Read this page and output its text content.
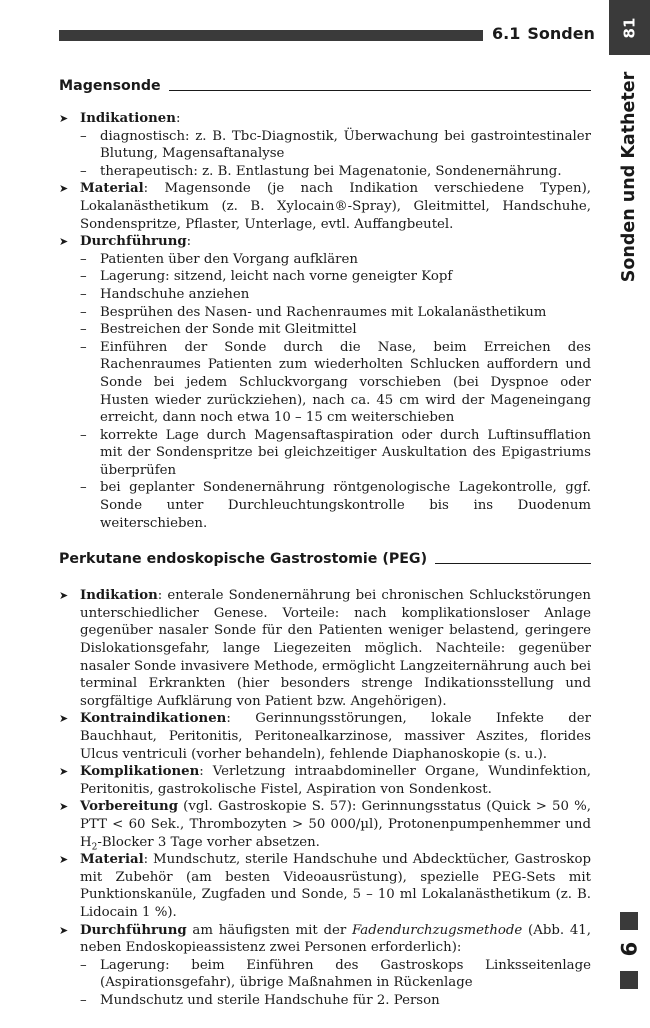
6.1 Sonden 81
Sonden und Katheter
6
Magensonde
➤ Indikationen:
– diagnostisch: z. B. Tbc-Diagnostik, Überwachung bei gastrointestinaler Blutung, Magensaftanalyse
– therapeutisch: z. B. Entlastung bei Magenatonie, Sondenernährung.
➤ Material: Magensonde (je nach Indikation verschiedene Typen), Lokalanästhetikum (z. B. Xylocain®-Spray), Gleitmittel, Handschuhe, Sondenspritze, Pflaster, Unterlage, evtl. Auffangbeutel.
➤ Durchführung:
– Patienten über den Vorgang aufklären
– Lagerung: sitzend, leicht nach vorne geneigter Kopf
– Handschuhe anziehen
– Besprühen des Nasen- und Rachenraumes mit Lokalanästhetikum
– Bestreichen der Sonde mit Gleitmittel
– Einführen der Sonde durch die Nase, beim Erreichen des Rachenraumes Patienten zum wiederholten Schlucken auffordern und Sonde bei jedem Schluckvorgang vorschieben (bei Dyspnoe oder Husten wieder zurückziehen), nach ca. 45 cm wird der Mageneingang erreicht, dann noch etwa 10 – 15 cm weiterschieben
– korrekte Lage durch Magensaftaspiration oder durch Luftinsufflation mit der Sondenspritze bei gleichzeitiger Auskultation des Epigastriums überprüfen
– bei geplanter Sondenernährung röntgenologische Lagekontrolle, ggf. Sonde unter Durchleuchtungskontrolle bis ins Duodenum weiterschieben.
Perkutane endoskopische Gastrostomie (PEG)
➤ Indikation: enterale Sondenernährung bei chronischen Schluckstörungen unterschiedlicher Genese. Vorteile: nach komplikationsloser Anlage gegenüber nasaler Sonde für den Patienten weniger belastend, geringere Dislokationsgefahr, lange Liegezeiten möglich. Nachteile: gegenüber nasaler Sonde invasivere Methode, ermöglicht Langzeiternährung auch bei terminal Erkrankten (hier besonders strenge Indikationsstellung und sorgfältige Aufklärung von Patient bzw. Angehörigen).
➤ Kontraindikationen: Gerinnungsstörungen, lokale Infekte der Bauchhaut, Peritonitis, Peritonealkarzinose, massiver Aszites, florides Ulcus ventriculi (vorher behandeln), fehlende Diaphanoskopie (s. u.).
➤ Komplikationen: Verletzung intraabdomineller Organe, Wundinfektion, Peritonitis, gastrokolische Fistel, Aspiration von Sondenkost.
➤ Vorbereitung (vgl. Gastroskopie S. 57): Gerinnungsstatus (Quick > 50 %, PTT < 60 Sek., Thrombozyten > 50 000/µl), Protonenpumpenhemmer und $H_2$-Blocker 3 Tage vorher absetzen.
➤ Material: Mundschutz, sterile Handschuhe und Abdecktücher, Gastroskop mit Zubehör (am besten Videoausrüstung), spezielle PEG-Sets mit Punktionskanüle, Zugfaden und Sonde, 5 – 10 ml Lokalanästhetikum (z. B. Lidocain 1 %).
➤ Durchführung am häufigsten mit der Fadendurchzugsmethode (Abb. 41, neben Endoskopieassistenz zwei Personen erforderlich):
– Lagerung: beim Einführen des Gastroskops Linksseitenlage (Aspirationsgefahr), übrige Maßnahmen in Rückenlage
– Mundschutz und sterile Handschuhe für 2. Person
